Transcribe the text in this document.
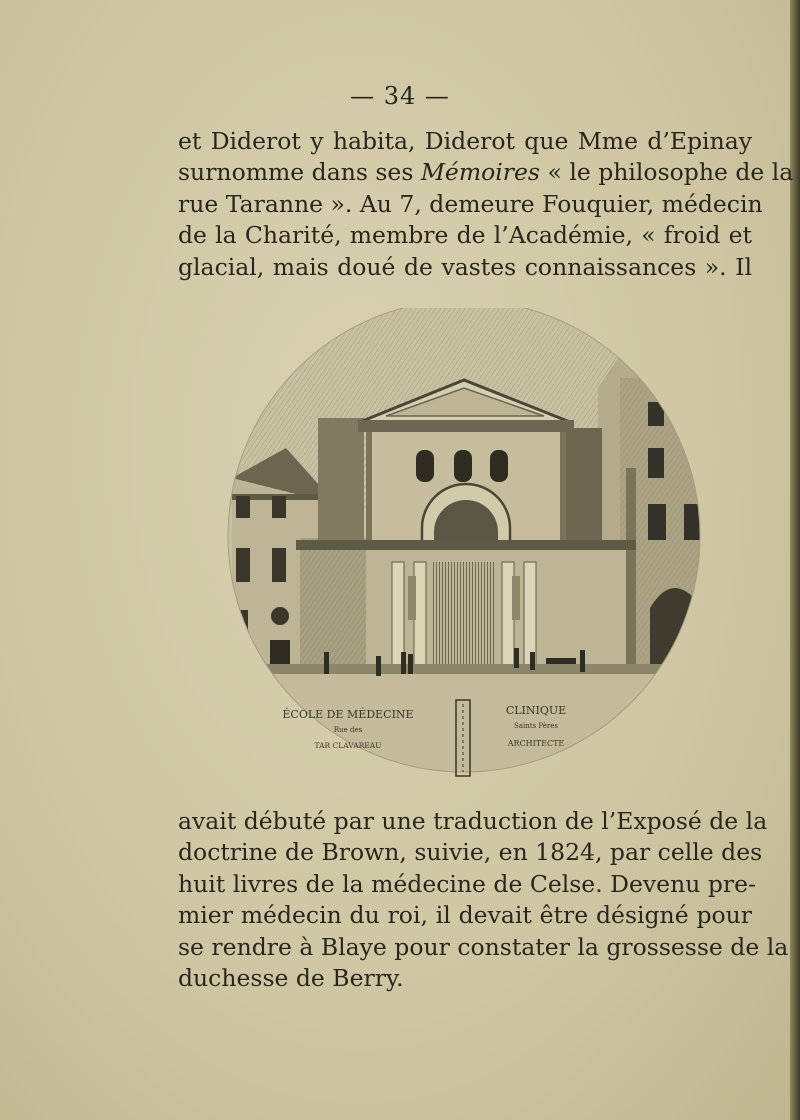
— 34 —
et Diderot y habita, Diderot que Mme d’Epinay
surnomme dans ses Mémoires « le philosophe de la
rue Taranne ». Au 7, demeure Fouquier, médecin
de la Charité, membre de l’Académie, « froid et
glacial, mais doué de vastes connaissances ». Il
ÉCOLE DE MÉDECINE
Rue des
TAR CLAVAREAU
CLINIQUE
Saints Pères
ARCHITECTE
avait débuté par une traduction de l’Exposé de la
doctrine de Brown, suivie, en 1824, par celle des
huit livres de la médecine de Celse. Devenu pre-
mier médecin du roi, il devait être désigné pour
se rendre à Blaye pour constater la grossesse de la
duchesse de Berry.
